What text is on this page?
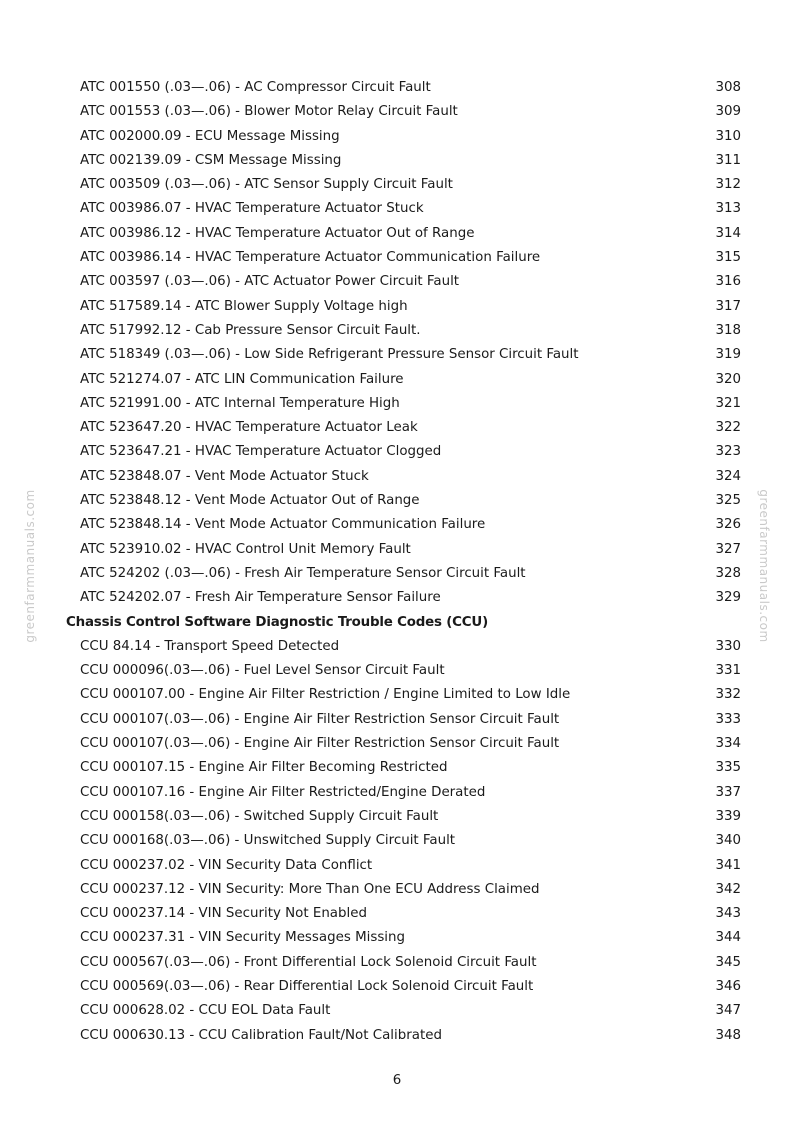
greenfarmmanuals.com	greenfarmmanuals.com
ATC 001550 (.03—.06) - AC Compressor Circuit Fault	308
ATC 001553 (.03—.06) - Blower Motor Relay Circuit Fault	309
ATC 002000.09 - ECU Message Missing	310
ATC 002139.09 - CSM Message Missing	311
ATC 003509 (.03—.06) - ATC Sensor Supply Circuit Fault	312
ATC 003986.07 - HVAC Temperature Actuator Stuck	313
ATC 003986.12 - HVAC Temperature Actuator Out of Range	314
ATC 003986.14 - HVAC Temperature Actuator Communication Failure	315
ATC 003597 (.03—.06) - ATC Actuator Power Circuit Fault	316
ATC 517589.14 - ATC Blower Supply Voltage high	317
ATC 517992.12 - Cab Pressure Sensor Circuit Fault.	318
ATC 518349 (.03—.06) - Low Side Refrigerant Pressure Sensor Circuit Fault	319
ATC 521274.07 - ATC LIN Communication Failure	320
ATC 521991.00 - ATC Internal Temperature High	321
ATC 523647.20 - HVAC Temperature Actuator Leak	322
ATC 523647.21 - HVAC Temperature Actuator Clogged	323
ATC 523848.07 - Vent Mode Actuator Stuck	324
ATC 523848.12 - Vent Mode Actuator Out of Range	325
ATC 523848.14 - Vent Mode Actuator Communication Failure	326
ATC 523910.02 - HVAC Control Unit Memory Fault	327
ATC 524202 (.03—.06) - Fresh Air Temperature Sensor Circuit Fault	328
ATC 524202.07 - Fresh Air Temperature Sensor Failure	329
Chassis Control Software Diagnostic Trouble Codes (CCU)
CCU 84.14 - Transport Speed Detected	330
CCU 000096(.03—.06) - Fuel Level Sensor Circuit Fault	331
CCU 000107.00 - Engine Air Filter Restriction / Engine Limited to Low Idle	332
CCU 000107(.03—.06) - Engine Air Filter Restriction Sensor Circuit Fault	333
CCU 000107(.03—.06) - Engine Air Filter Restriction Sensor Circuit Fault	334
CCU 000107.15 - Engine Air Filter Becoming Restricted	335
CCU 000107.16 - Engine Air Filter Restricted/Engine Derated	337
CCU 000158(.03—.06) - Switched Supply Circuit Fault	339
CCU 000168(.03—.06) - Unswitched Supply Circuit Fault	340
CCU 000237.02 - VIN Security Data Conflict	341
CCU 000237.12 - VIN Security: More Than One ECU Address Claimed	342
CCU 000237.14 - VIN Security Not Enabled	343
CCU 000237.31 - VIN Security Messages Missing	344
CCU 000567(.03—.06) - Front Differential Lock Solenoid Circuit Fault	345
CCU 000569(.03—.06) - Rear Differential Lock Solenoid Circuit Fault	346
CCU 000628.02 - CCU EOL Data Fault	347
CCU 000630.13 - CCU Calibration Fault/Not Calibrated	348
6
